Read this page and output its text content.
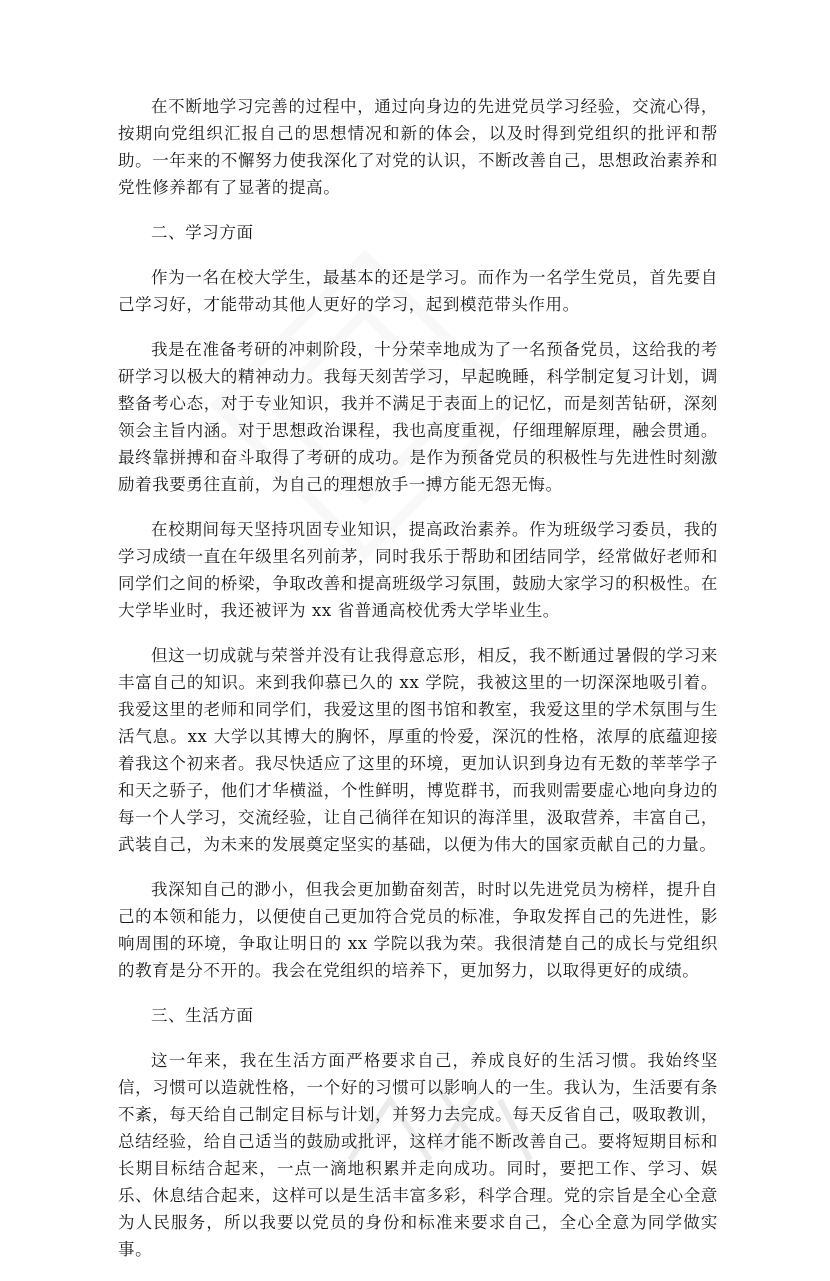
在不断地学习完善的过程中，通过向身边的先进党员学习经验，交流心得，按期向党组织汇报自己的思想情况和新的体会，以及时得到党组织的批评和帮助。一年来的不懈努力使我深化了对党的认识，不断改善自己，思想政治素养和党性修养都有了显著的提高。

二、学习方面

作为一名在校大学生，最基本的还是学习。而作为一名学生党员，首先要自己学习好，才能带动其他人更好的学习，起到模范带头作用。

我是在准备考研的冲刺阶段，十分荣幸地成为了一名预备党员，这给我的考研学习以极大的精神动力。我每天刻苦学习，早起晚睡，科学制定复习计划，调整备考心态，对于专业知识，我并不满足于表面上的记忆，而是刻苦钻研，深刻领会主旨内涵。对于思想政治课程，我也高度重视，仔细理解原理，融会贯通。最终靠拼搏和奋斗取得了考研的成功。是作为预备党员的积极性与先进性时刻激励着我要勇往直前，为自己的理想放手一搏方能无怨无悔。

在校期间每天坚持巩固专业知识，提高政治素养。作为班级学习委员，我的学习成绩一直在年级里名列前茅，同时我乐于帮助和团结同学，经常做好老师和同学们之间的桥梁，争取改善和提高班级学习氛围，鼓励大家学习的积极性。在大学毕业时，我还被评为 xx 省普通高校优秀大学毕业生。

但这一切成就与荣誉并没有让我得意忘形，相反，我不断通过暑假的学习来丰富自己的知识。来到我仰慕已久的 xx 学院，我被这里的一切深深地吸引着。我爱这里的老师和同学们，我爱这里的图书馆和教室，我爱这里的学术氛围与生活气息。xx 大学以其博大的胸怀，厚重的怜爱，深沉的性格，浓厚的底蕴迎接着我这个初来者。我尽快适应了这里的环境，更加认识到身边有无数的莘莘学子和天之骄子，他们才华横溢，个性鲜明，博览群书，而我则需要虚心地向身边的每一个人学习，交流经验，让自己徜徉在知识的海洋里，汲取营养，丰富自己，武装自己，为未来的发展奠定坚实的基础，以便为伟大的国家贡献自己的力量。

我深知自己的渺小，但我会更加勤奋刻苦，时时以先进党员为榜样，提升自己的本领和能力，以便使自己更加符合党员的标准，争取发挥自己的先进性，影响周围的环境，争取让明日的 xx 学院以我为荣。我很清楚自己的成长与党组织的教育是分不开的。我会在党组织的培养下，更加努力，以取得更好的成绩。

三、生活方面

这一年来，我在生活方面严格要求自己，养成良好的生活习惯。我始终坚信，习惯可以造就性格，一个好的习惯可以影响人的一生。我认为，生活要有条不紊，每天给自己制定目标与计划，并努力去完成。每天反省自己，吸取教训，总结经验，给自己适当的鼓励或批评，这样才能不断改善自己。要将短期目标和长期目标结合起来，一点一滴地积累并走向成功。同时，要把工作、学习、娱乐、休息结合起来，这样可以是生活丰富多彩，科学合理。党的宗旨是全心全意为人民服务，所以我要以党员的身份和标准来要求自己，全心全意为同学做实事。
